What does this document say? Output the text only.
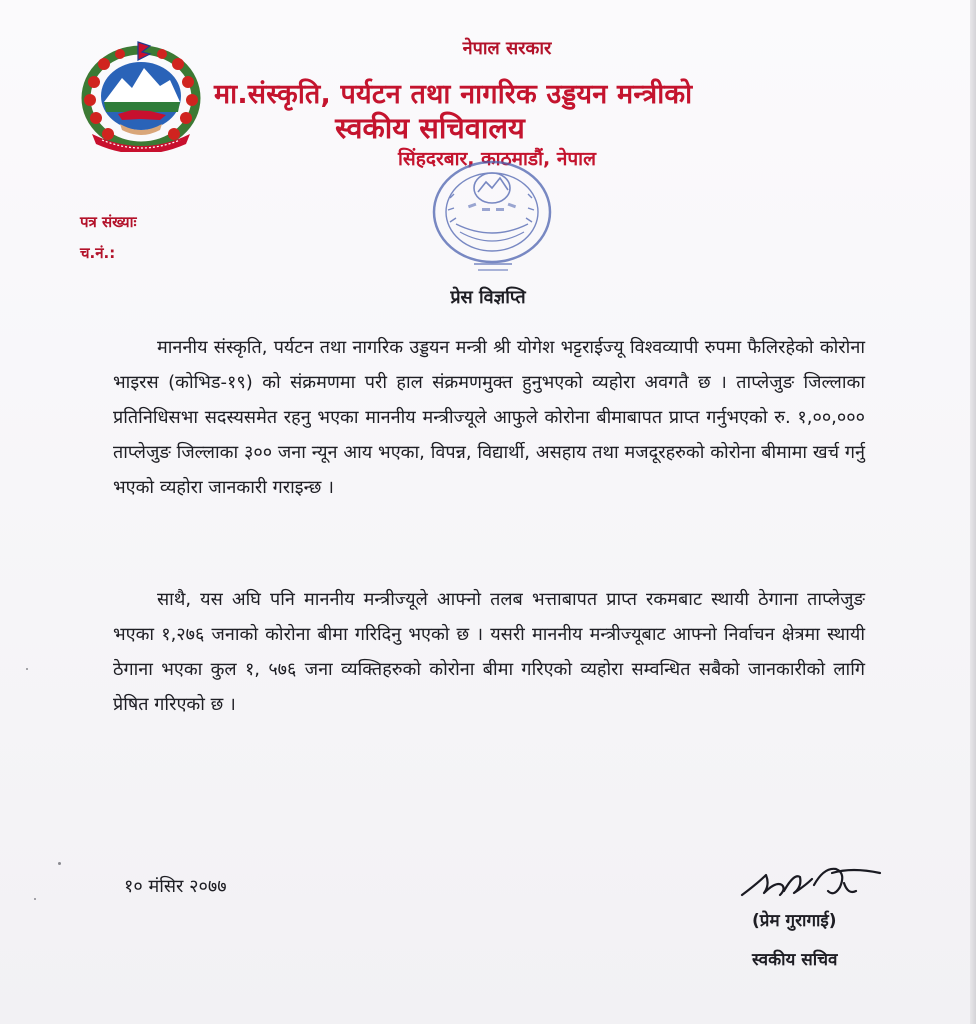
नेपाल सरकार
मा.संस्कृति, पर्यटन तथा नागरिक उड्डयन मन्त्रीको
स्वकीय सचिवालय
सिंहदरबार, काठमाडौं, नेपाल
पत्र संख्याः
च.नं.:
प्रेस विज्ञप्ति

माननीय संस्कृति, पर्यटन तथा नागरिक उड्डयन मन्त्री श्री योगेश भट्टराईज्यू विश्वव्यापी रुपमा फैलिरहेको कोरोना भाइरस (कोभिड-१९) को संक्रमणमा परी हाल संक्रमणमुक्त हुनुभएको व्यहोरा अवगतै छ । ताप्लेजुङ जिल्लाका प्रतिनिधिसभा सदस्यसमेत रहनु भएका माननीय मन्त्रीज्यूले आफुले कोरोना बीमाबापत प्राप्त गर्नुभएको रु. १,००,००० ताप्लेजुङ जिल्लाका ३०० जना न्यून आय भएका, विपन्न, विद्यार्थी, असहाय तथा मजदूरहरुको कोरोना बीमामा खर्च गर्नु भएको व्यहोरा जानकारी गराइन्छ ।

साथै, यस अघि पनि माननीय मन्त्रीज्यूले आफ्नो तलब भत्ताबापत प्राप्त रकमबाट स्थायी ठेगाना ताप्लेजुङ भएका १,२७६ जनाको कोरोना बीमा गरिदिनु भएको छ । यसरी माननीय मन्त्रीज्यूबाट आफ्नो निर्वाचन क्षेत्रमा स्थायी ठेगाना भएका कुल १, ५७६ जना व्यक्तिहरुको कोरोना बीमा गरिएको व्यहोरा सम्वन्धित सबैको जानकारीको लागि प्रेषित गरिएको छ ।

१० मंसिर २०७७
(प्रेम गुरागाई)
स्वकीय सचिव
